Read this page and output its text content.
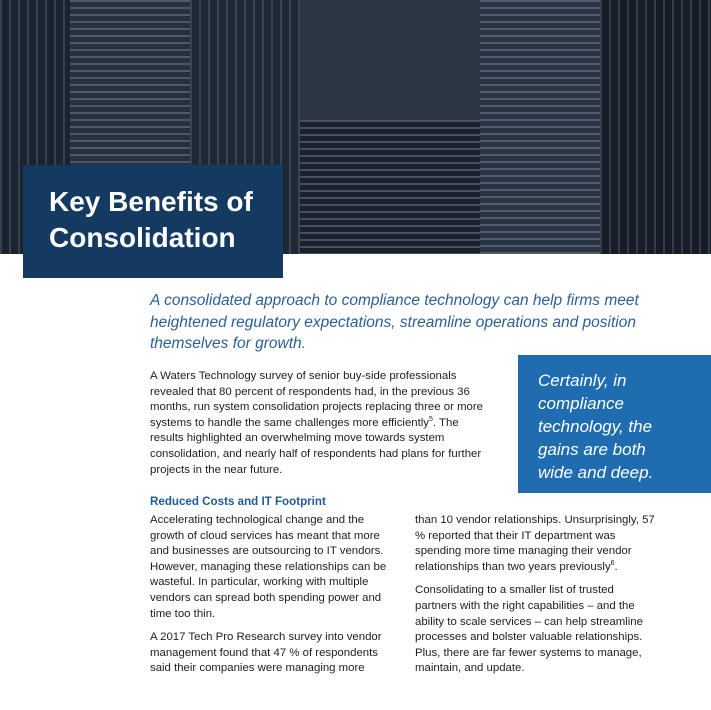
Key Benefits of
Consolidation

A consolidated approach to compliance technology can help firms meet heightened regulatory expectations, streamline operations and position themselves for growth.

Certainly, in
compliance
technology, the
gains are both
wide and deep.

A Waters Technology survey of senior buy-side professionals revealed that 80 percent of respondents had, in the previous 36 months, run system consolidation projects replacing three or more systems to handle the same challenges more efficiently$^5$. The results highlighted an overwhelming move towards system consolidation, and nearly half of respondents had plans for further projects in the near future.

Reduced Costs and IT Footprint

Accelerating technological change and the growth of cloud services has meant that more and businesses are outsourcing to IT vendors. However, managing these relationships can be wasteful. In particular, working with multiple vendors can spread both spending power and time too thin.

A 2017 Tech Pro Research survey into vendor management found that 47 % of respondents said their companies were managing more

than 10 vendor relationships. Unsurprisingly, 57 % reported that their IT department was spending more time managing their vendor relationships than two years previously$^6$.

Consolidating to a smaller list of trusted partners with the right capabilities – and the ability to scale services – can help streamline processes and bolster valuable relationships. Plus, there are far fewer systems to manage, maintain, and update.
